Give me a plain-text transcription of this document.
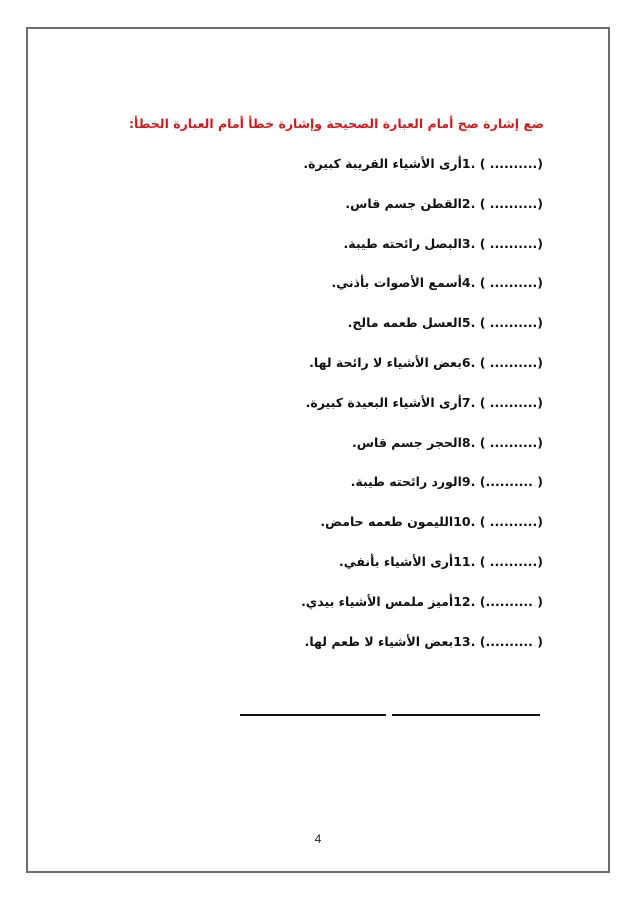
ضع إشارة صح أمام العبارة الصحيحة وإشارة خطأ أمام العبارة الخطأ:
(.......... ) .1أرى الأشياء القريبة كبيرة.
(.......... ) .2القطن جسم قاس.
(.......... ) .3البصل رائحته طيبة.
(.......... ) .4أسمع الأصوات بأذني.
(.......... ) .5العسل طعمه مالح.
(.......... ) .6بعض الأشياء لا رائحة لها.
(.......... ) .7أرى الأشياء البعيدة كبيرة.
(.......... ) .8الحجر جسم قاس.
( ..........) .9الورد رائحته طيبة.
(.......... ) .10الليمون طعمه حامض.
(.......... ) .11أرى الأشياء بأنفي.
( ..........) .12أميز ملمس الأشياء بيدي.
( ..........) .13بعض الأشياء لا طعم لها.
4
